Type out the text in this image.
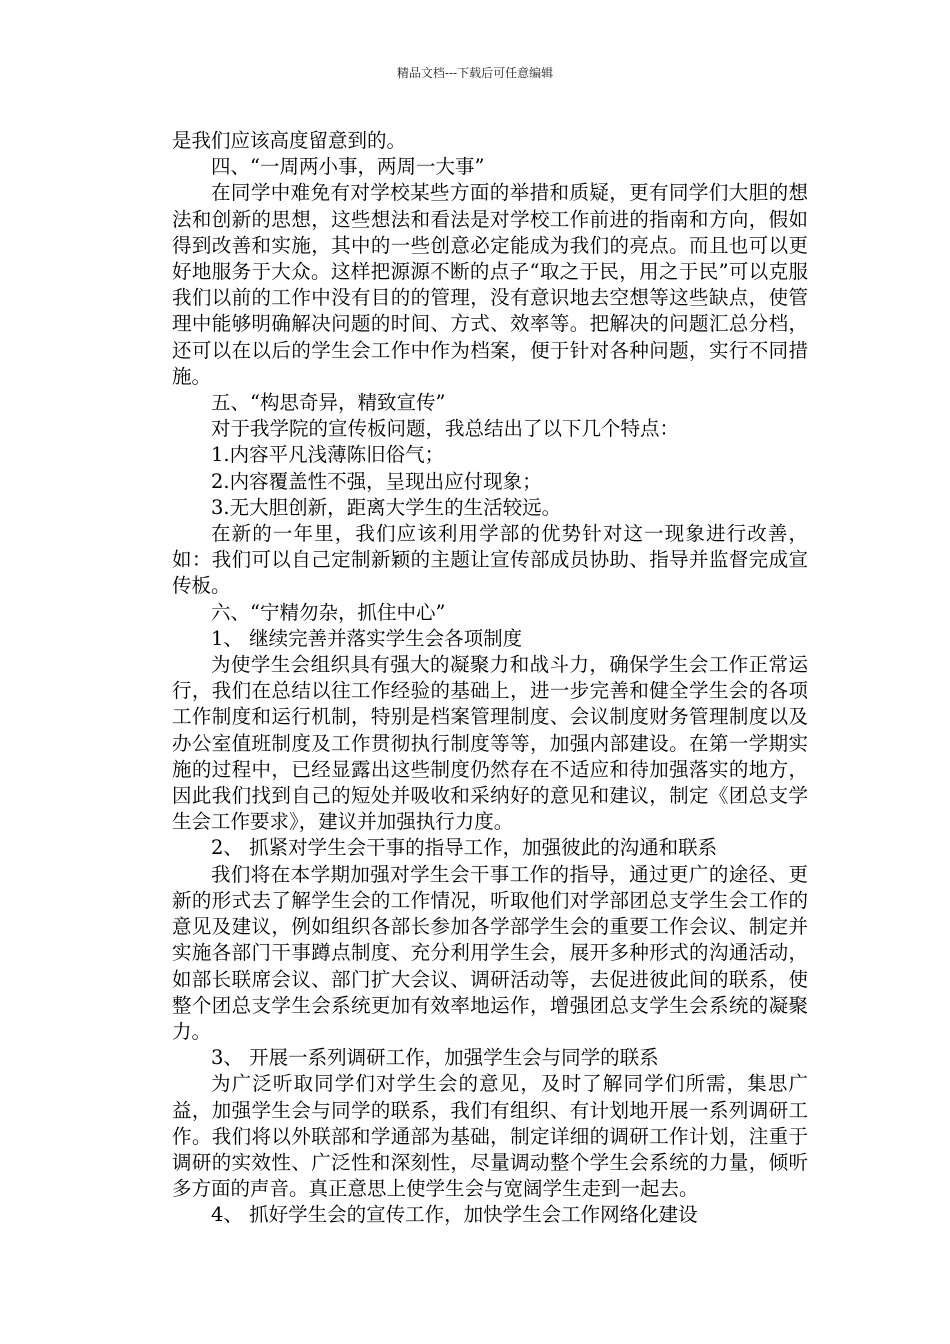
精品文档---下载后可任意编辑

是我们应该高度留意到的。

四、“一周两小事，两周一大事”

在同学中难免有对学校某些方面的举措和质疑，更有同学们大胆的想法和创新的思想，这些想法和看法是对学校工作前进的指南和方向，假如得到改善和实施，其中的一些创意必定能成为我们的亮点。而且也可以更好地服务于大众。这样把源源不断的点子“取之于民，用之于民”可以克服我们以前的工作中没有目的的管理，没有意识地去空想等这些缺点，使管理中能够明确解决问题的时间、方式、效率等。把解决的问题汇总分档，还可以在以后的学生会工作中作为档案，便于针对各种问题，实行不同措施。

五、“构思奇异，精致宣传”

对于我学院的宣传板问题，我总结出了以下几个特点：

1.内容平凡浅薄陈旧俗气；

2.内容覆盖性不强，呈现出应付现象；

3.无大胆创新，距离大学生的生活较远。

在新的一年里，我们应该利用学部的优势针对这一现象进行改善，如：我们可以自己定制新颖的主题让宣传部成员协助、指导并监督完成宣传板。

六、“宁精勿杂，抓住中心”

1、 继续完善并落实学生会各项制度

为使学生会组织具有强大的凝聚力和战斗力，确保学生会工作正常运行，我们在总结以往工作经验的基础上，进一步完善和健全学生会的各项工作制度和运行机制，特别是档案管理制度、会议制度财务管理制度以及办公室值班制度及工作贯彻执行制度等等，加强内部建设。在第一学期实施的过程中，已经显露出这些制度仍然存在不适应和待加强落实的地方，因此我们找到自己的短处并吸收和采纳好的意见和建议，制定《团总支学生会工作要求》，建议并加强执行力度。

2、 抓紧对学生会干事的指导工作，加强彼此的沟通和联系

我们将在本学期加强对学生会干事工作的指导，通过更广的途径、更新的形式去了解学生会的工作情况，听取他们对学部团总支学生会工作的意见及建议，例如组织各部长参加各学部学生会的重要工作会议、制定并实施各部门干事蹲点制度、充分利用学生会，展开多种形式的沟通活动，如部长联席会议、部门扩大会议、调研活动等，去促进彼此间的联系，使整个团总支学生会系统更加有效率地运作，增强团总支学生会系统的凝聚力。

3、 开展一系列调研工作，加强学生会与同学的联系

为广泛听取同学们对学生会的意见，及时了解同学们所需，集思广益，加强学生会与同学的联系，我们有组织、有计划地开展一系列调研工作。我们将以外联部和学通部为基础，制定详细的调研工作计划，注重于调研的实效性、广泛性和深刻性，尽量调动整个学生会系统的力量，倾听多方面的声音。真正意思上使学生会与宽阔学生走到一起去。

4、 抓好学生会的宣传工作，加快学生会工作网络化建设
